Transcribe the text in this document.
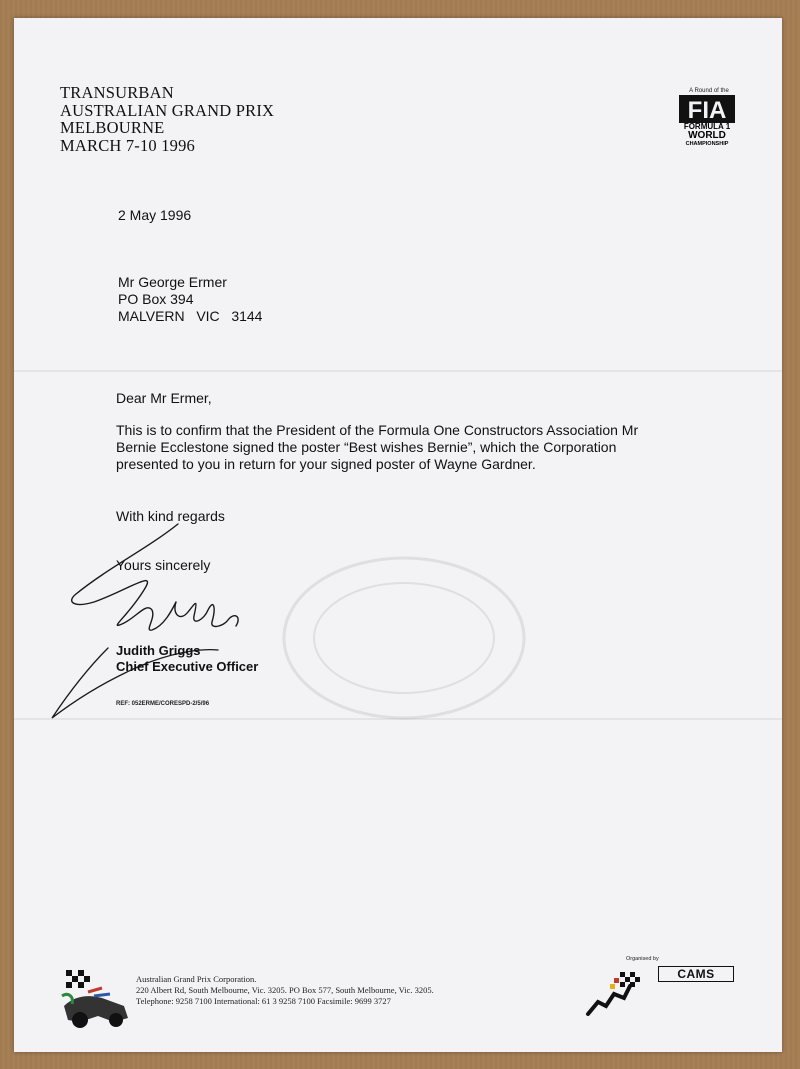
TRANSURBAN
AUSTRALIAN GRAND PRIX
MELBOURNE
MARCH 7-10 1996
A Round of the
FIA
FORMULA 1
WORLD
CHAMPIONSHIP
2 May 1996
Mr George Ermer
PO Box 394
MALVERN   VIC   3144
Dear Mr Ermer,
This is to confirm that the President of the Formula One Constructors Association Mr
Bernie Ecclestone signed the poster “Best wishes Bernie”, which the Corporation
presented to you in return for your signed poster of Wayne Gardner.
With kind regards
Yours sincerely
Judith Griggs
Chief Executive Officer
REF: 052ERME/CORESPD-2/5/96
Australian Grand Prix Corporation.
220 Albert Rd, South Melbourne, Vic. 3205. PO Box 577, South Melbourne, Vic. 3205.
Telephone: 9258 7100 International: 61 3 9258 7100 Facsimile: 9699 3727
Organised by
CAMS
